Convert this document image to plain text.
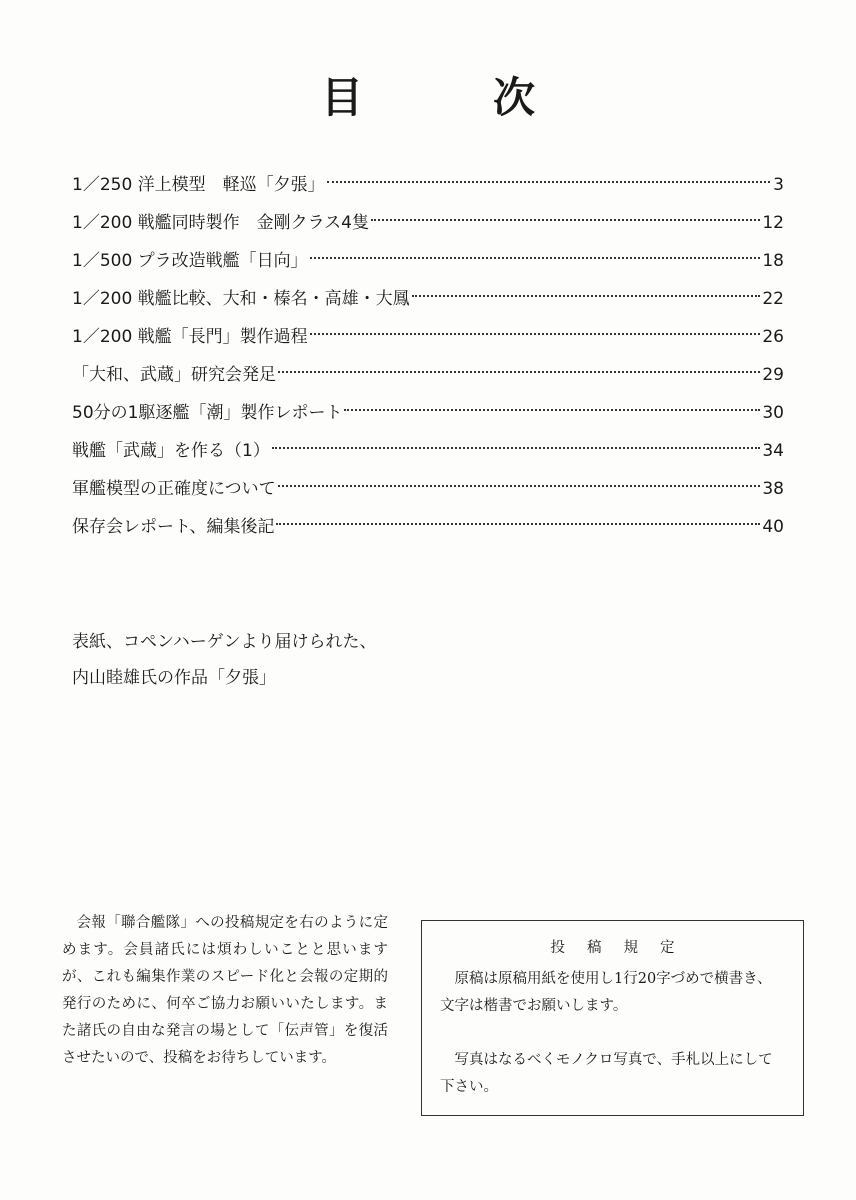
目　次
1／250 洋上模型　軽巡「夕張」	3
1／200 戦艦同時製作　金剛クラス4隻	12
1／500 プラ改造戦艦「日向」	18
1／200 戦艦比較、大和・榛名・高雄・大鳳	22
1／200 戦艦「長門」製作過程	26
「大和、武蔵」研究会発足	29
50分の1駆逐艦「潮」製作レポート	30
戦艦「武蔵」を作る（1）	34
軍艦模型の正確度について	38
保存会レポート、編集後記	40
表紙、コペンハーゲンより届けられた、
内山睦雄氏の作品「夕張」

会報「聯合艦隊」への投稿規定を右のように定めます。会員諸氏には煩わしいことと思いますが、これも編集作業のスピード化と会報の定期的発行のために、何卒ご協力お願いいたします。また諸氏の自由な発言の場として「伝声管」を復活させたいので、投稿をお待ちしています。

投稿規定

原稿は原稿用紙を使用し1行20字づめで横書き、文字は楷書でお願いします。

写真はなるべくモノクロ写真で、手札以上にして下さい。
